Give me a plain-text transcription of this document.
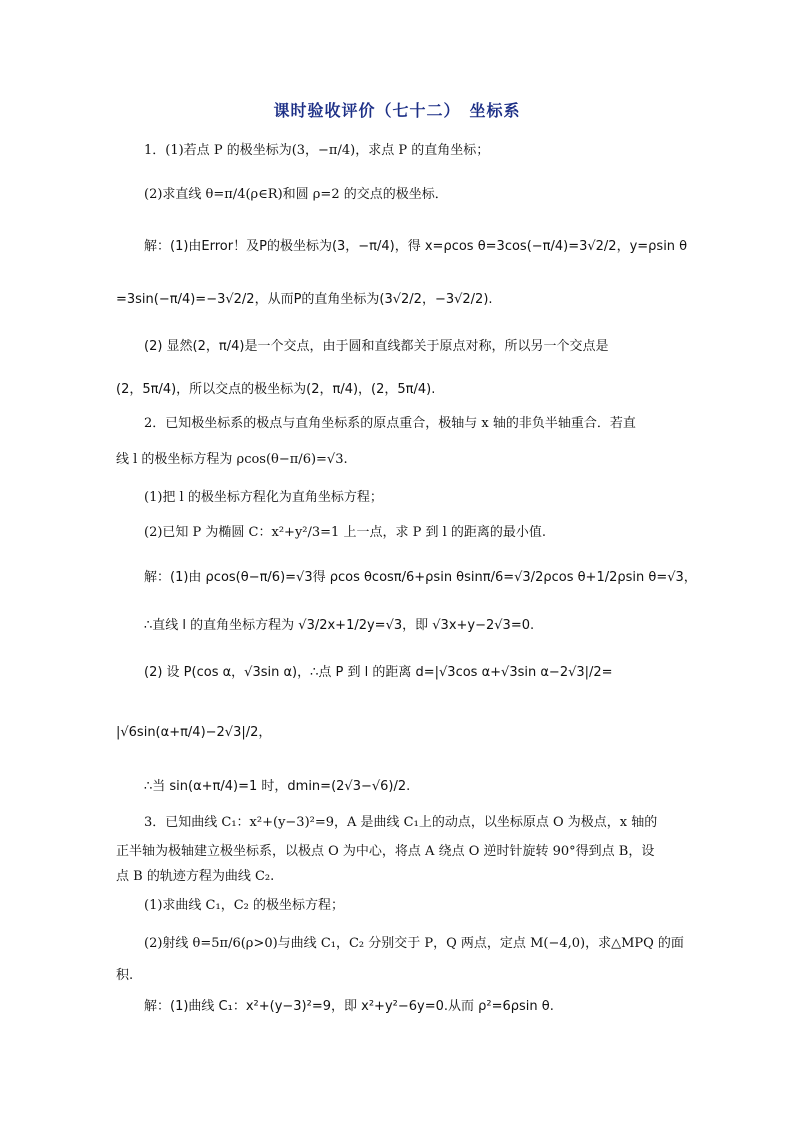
课时验收评价（七十二）　坐标系
1．(1)若点 P 的极坐标为(3，−π/4)，求点 P 的直角坐标；
(2)求直线 θ=π/4(ρ∈R)和圆 ρ=2 的交点的极坐标．
解：(1)由Error！及P的极坐标为(3，−π/4)，得 x=ρcos θ=3cos(−π/4)=3√2/2，y=ρsin θ
=3sin(−π/4)=−3√2/2，从而P的直角坐标为(3√2/2，−3√2/2).
(2) 显然(2，π/4)是一个交点，由于圆和直线都关于原点对称，所以另一个交点是
(2，5π/4)，所以交点的极坐标为(2，π/4)，(2，5π/4).
2．已知极坐标系的极点与直角坐标系的原点重合，极轴与 x 轴的非负半轴重合．若直
线 l 的极坐标方程为 ρcos(θ−π/6)=√3.
(1)把 l 的极坐标方程化为直角坐标方程；
(2)已知 P 为椭圆 C：x²+y²/3=1 上一点，求 P 到 l 的距离的最小值.
解：(1)由 ρcos(θ−π/6)=√3得 ρcos θcosπ/6+ρsin θsinπ/6=√3/2ρcos θ+1/2ρsin θ=√3，
∴直线 l 的直角坐标方程为 √3/2x+1/2y=√3，即 √3x+y−2√3=0.
(2) 设 P(cos α，√3sin α)，∴点 P 到 l 的距离 d=|√3cos α+√3sin α−2√3|/2=
|√6sin(α+π/4)−2√3|/2，
∴当 sin(α+π/4)=1 时，dmin=(2√3−√6)/2.
3．已知曲线 C₁：x²+(y−3)²=9，A 是曲线 C₁上的动点，以坐标原点 O 为极点，x 轴的
正半轴为极轴建立极坐标系，以极点 O 为中心，将点 A 绕点 O 逆时针旋转 90°得到点 B，设
点 B 的轨迹方程为曲线 C₂.
(1)求曲线 C₁，C₂ 的极坐标方程；
(2)射线 θ=5π/6(ρ>0)与曲线 C₁，C₂ 分别交于 P，Q 两点，定点 M(−4,0)，求△MPQ 的面
积.
解：(1)曲线 C₁：x²+(y−3)²=9，即 x²+y²−6y=0.从而 ρ²=6ρsin θ.
